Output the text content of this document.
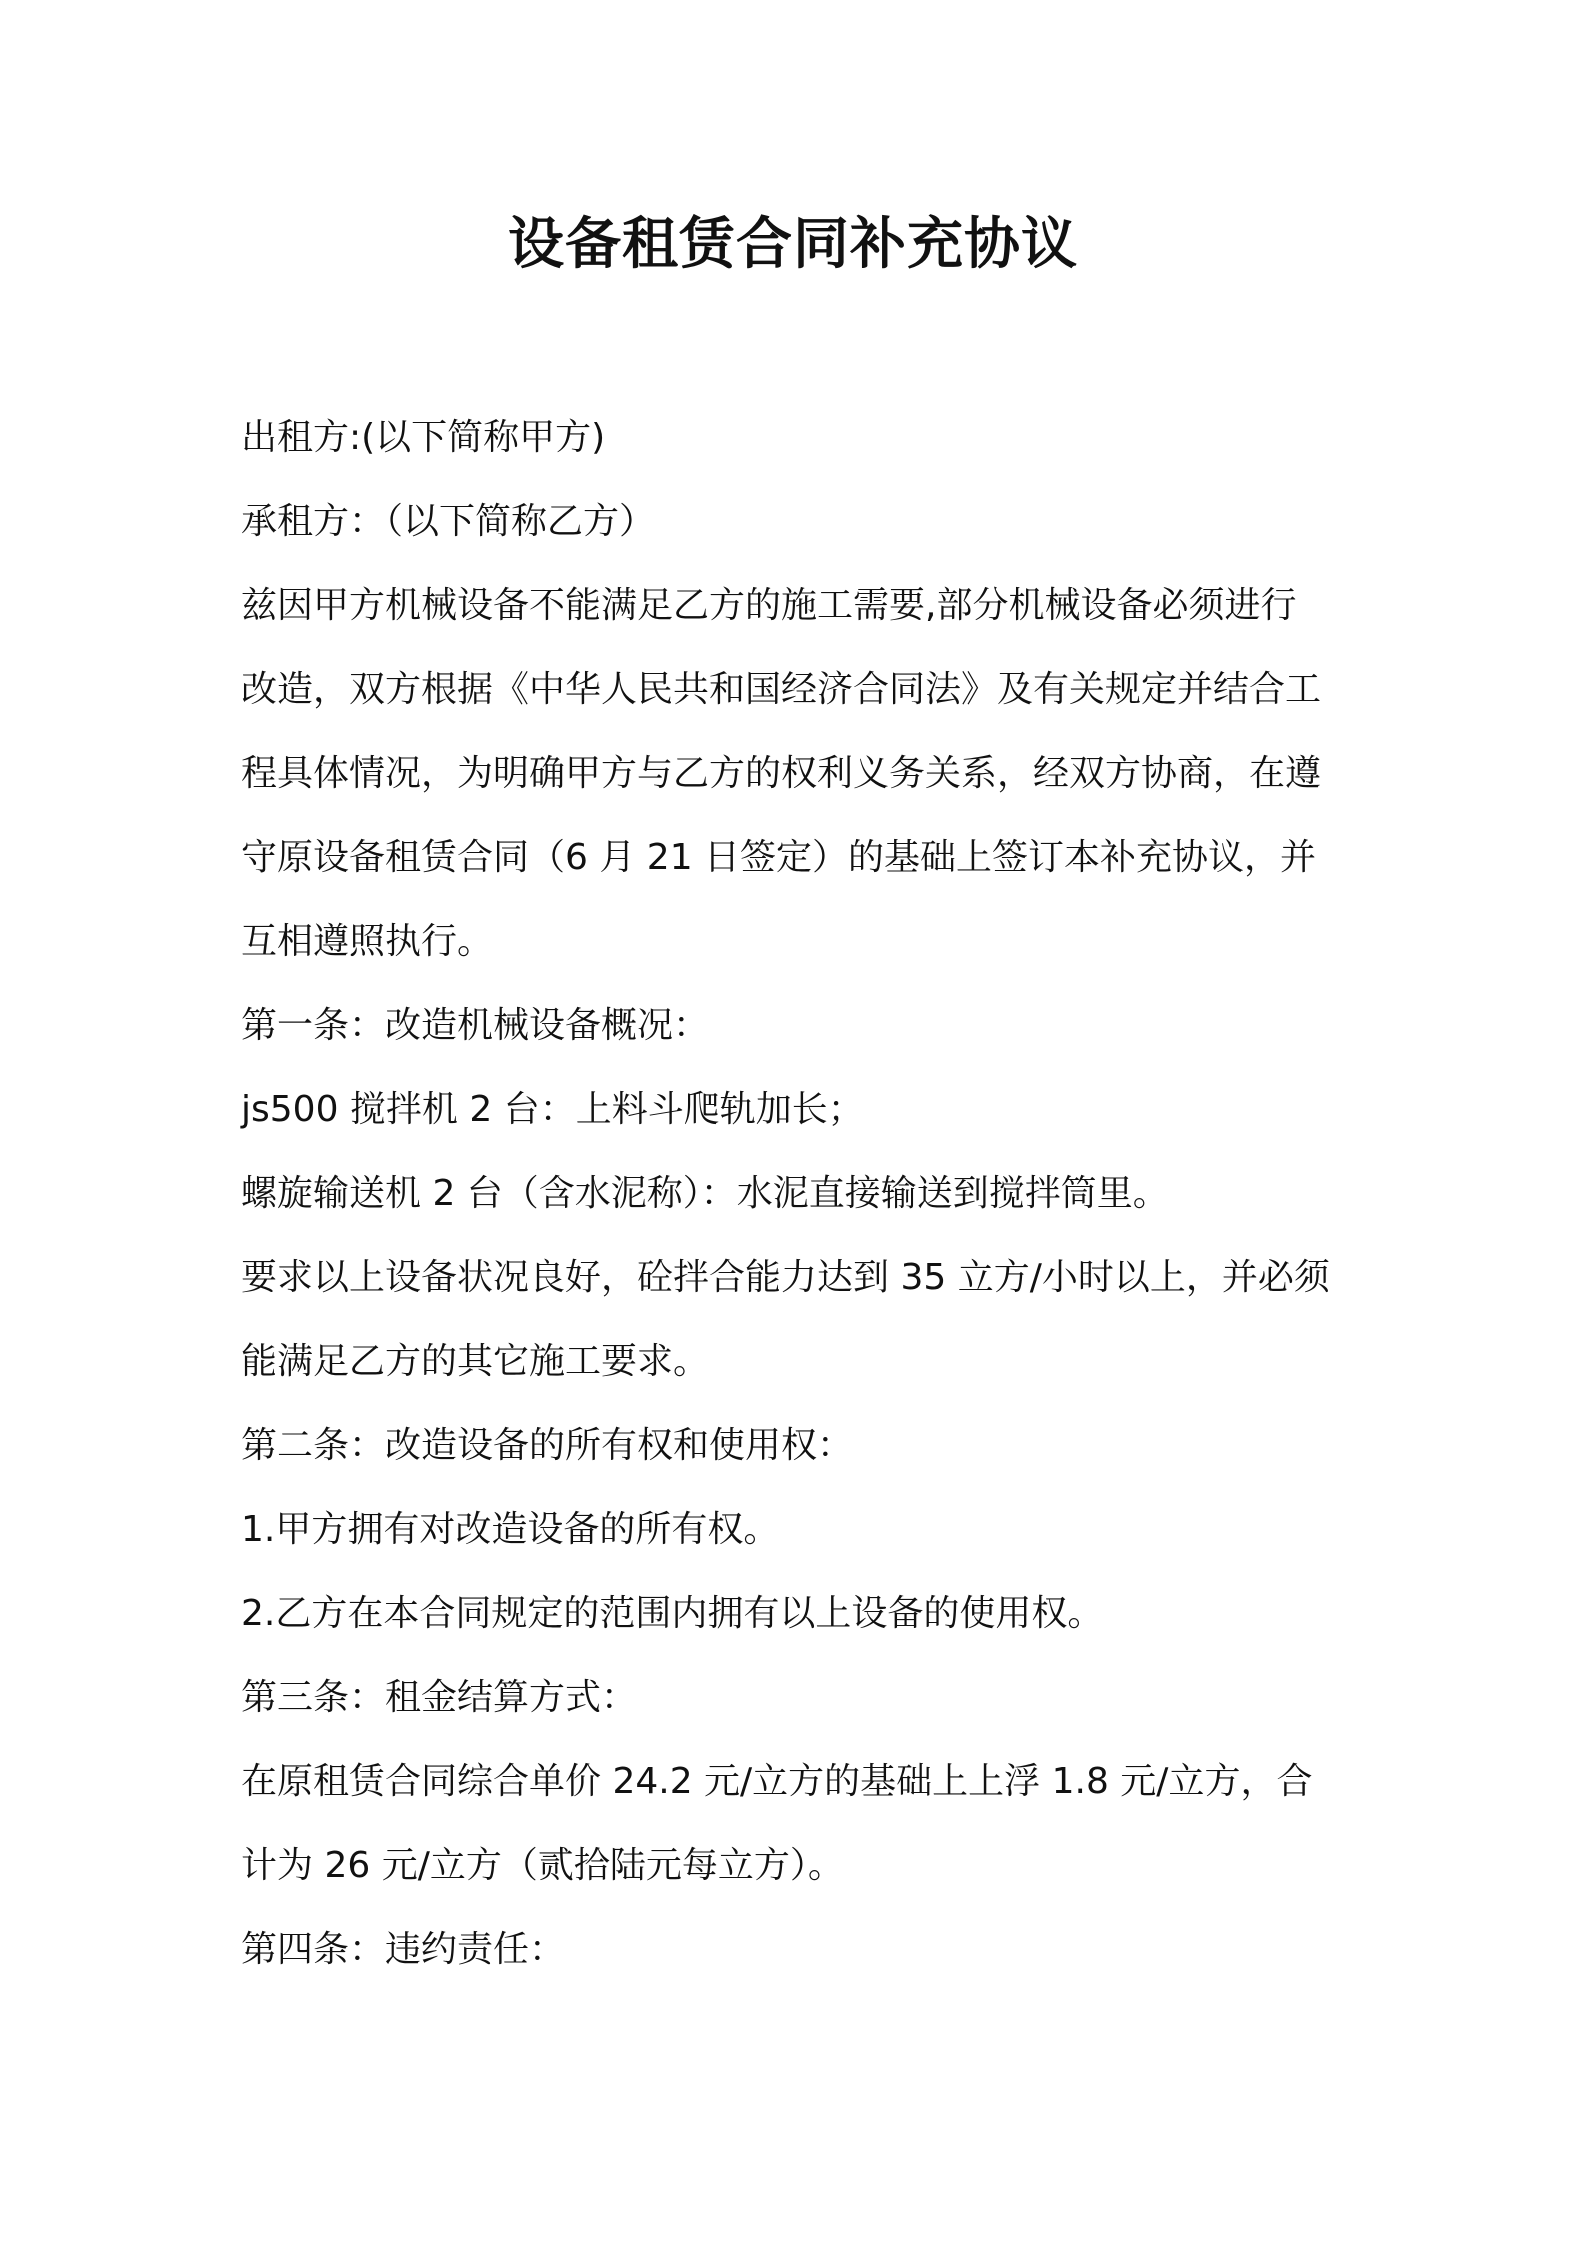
设备租赁合同补充协议

出租方:(以下简称甲方)

承租方：（以下简称乙方）

兹因甲方机械设备不能满足乙方的施工需要,部分机械设备必须进行

改造，双方根据《中华人民共和国经济合同法》及有关规定并结合工

程具体情况，为明确甲方与乙方的权利义务关系，经双方协商，在遵

守原设备租赁合同（6 月 21 日签定）的基础上签订本补充协议，并

互相遵照执行。

第一条：改造机械设备概况：

js500 搅拌机 2 台：上料斗爬轨加长；

螺旋输送机 2 台（含水泥称）：水泥直接输送到搅拌筒里。

要求以上设备状况良好，砼拌合能力达到 35 立方/小时以上，并必须

能满足乙方的其它施工要求。

第二条：改造设备的所有权和使用权：

1.甲方拥有对改造设备的所有权。

2.乙方在本合同规定的范围内拥有以上设备的使用权。

第三条：租金结算方式：

在原租赁合同综合单价 24.2 元/立方的基础上上浮 1.8 元/立方，合

计为 26 元/立方（贰拾陆元每立方）。

第四条：违约责任：
